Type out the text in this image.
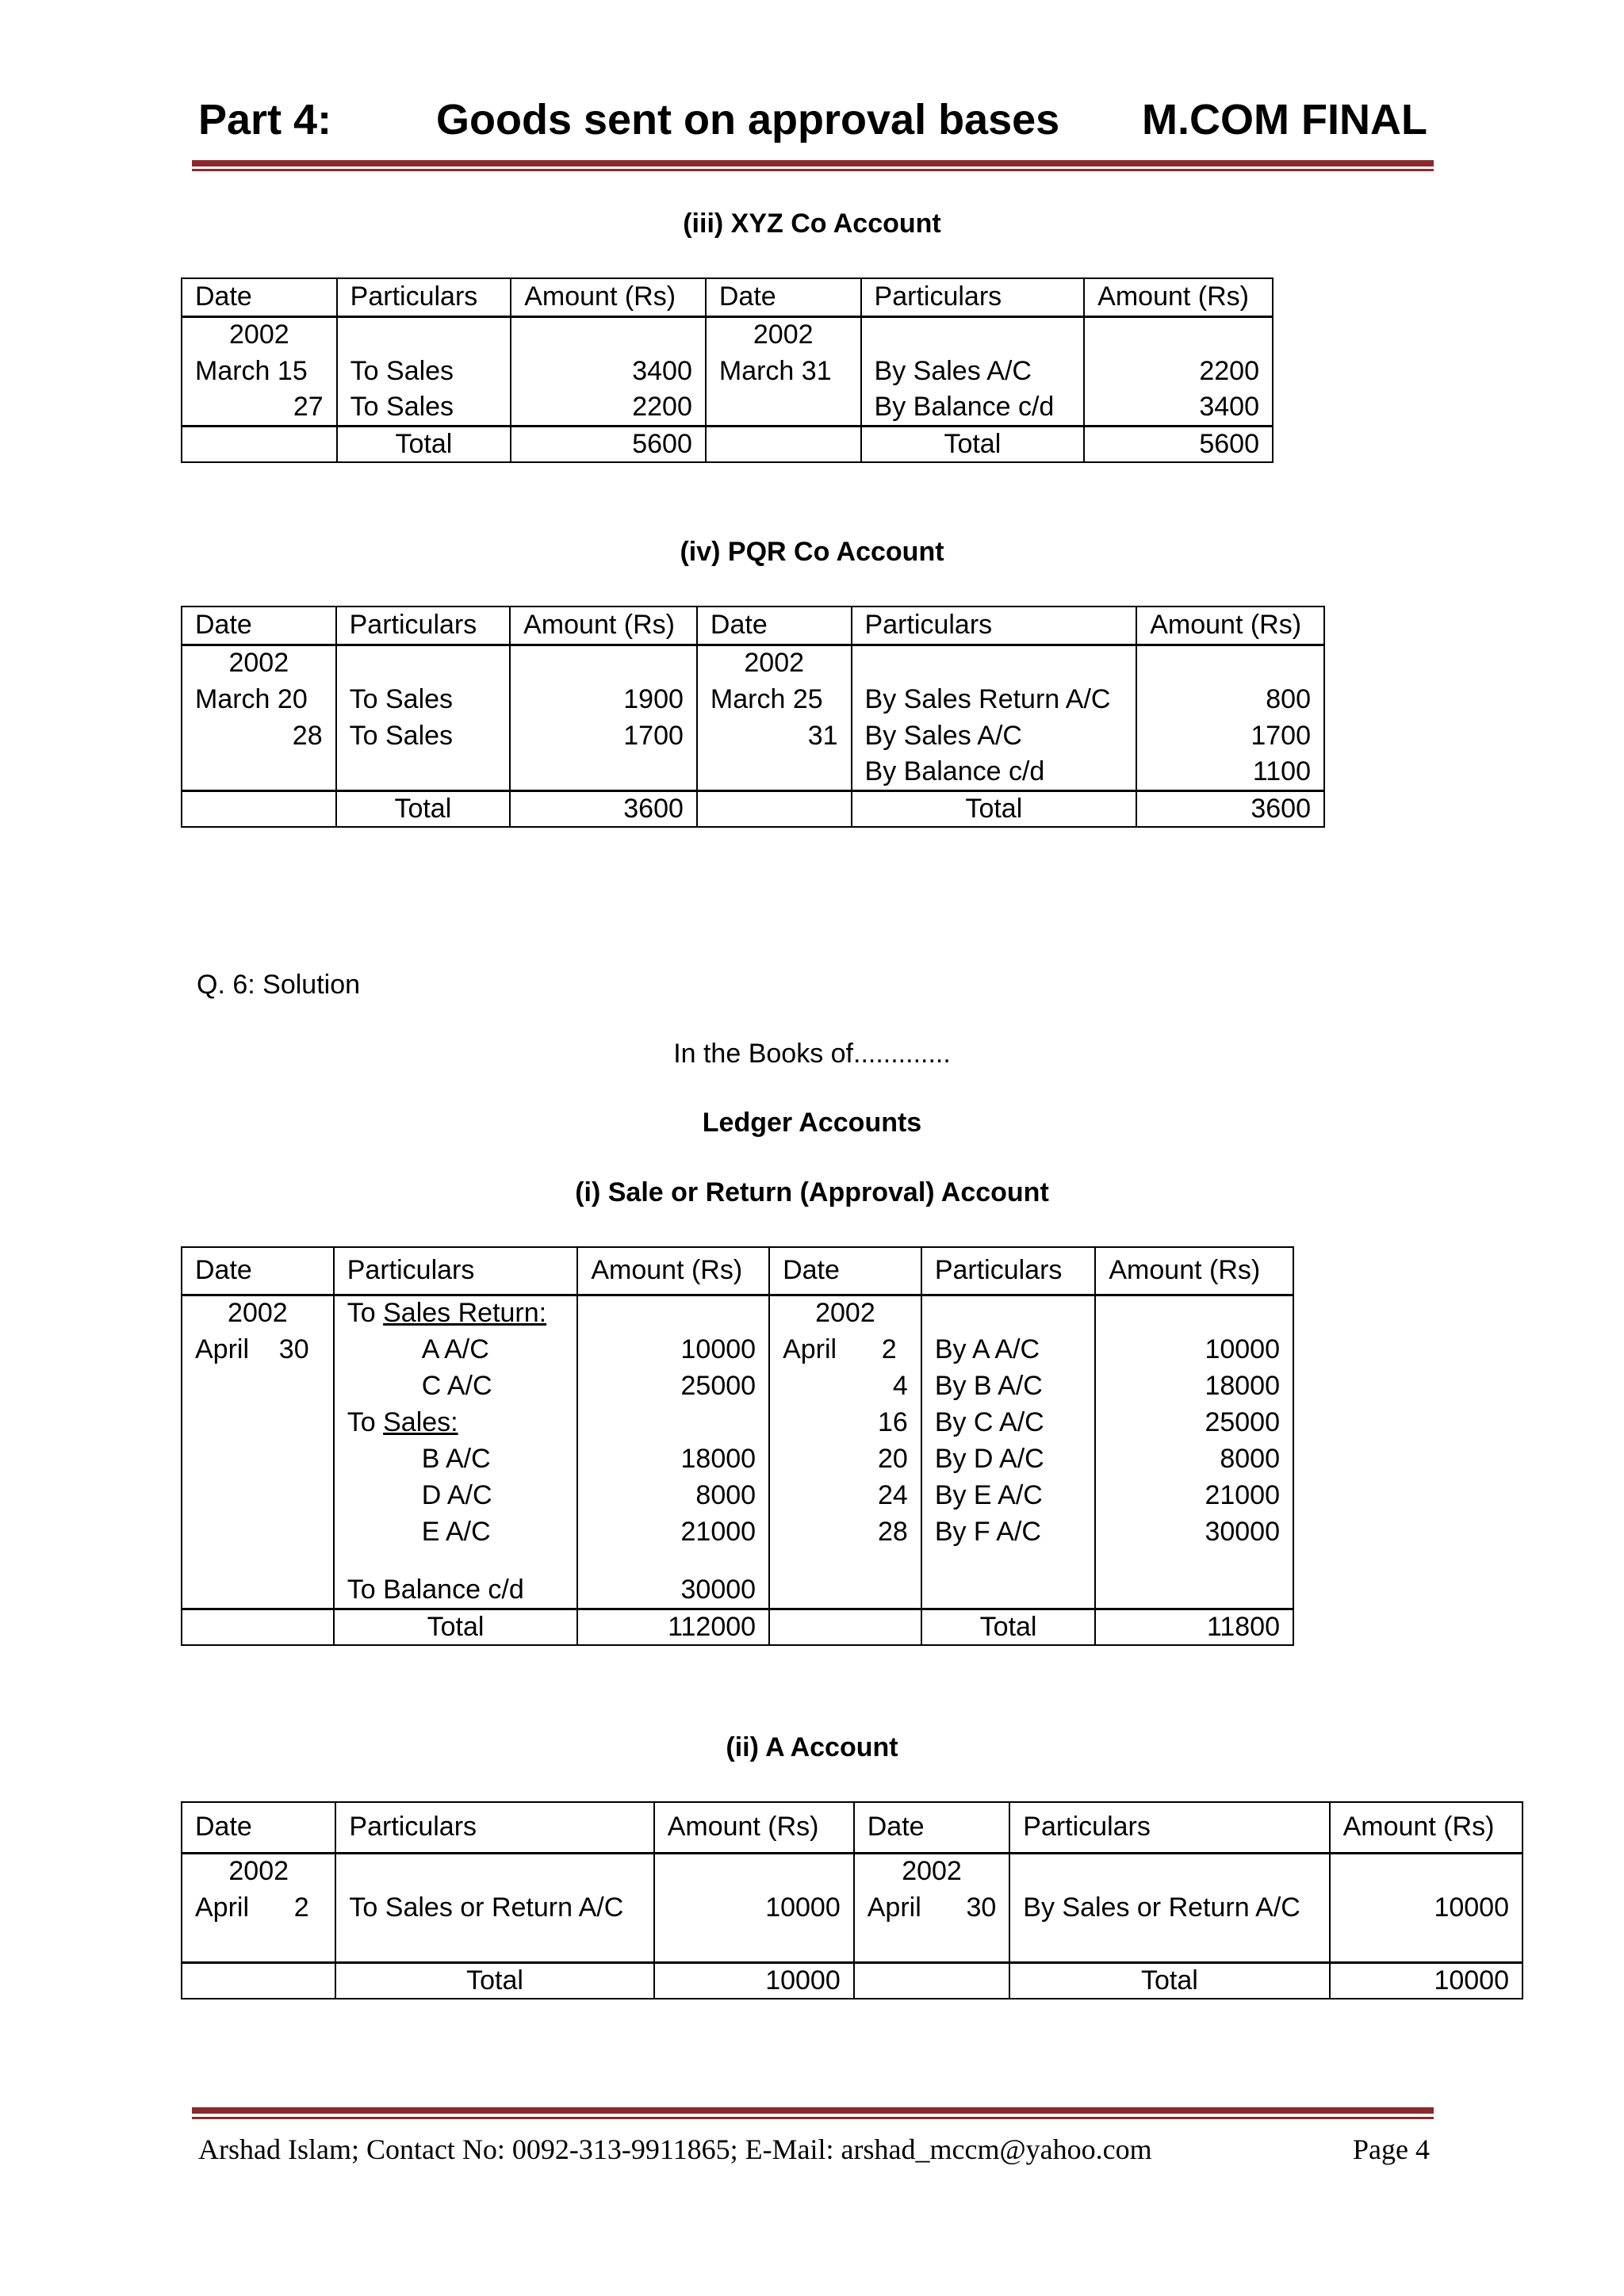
Part 4: Goods sent on approval bases M.COM FINAL
(iii) XYZ Co Account
Date	Particulars	Amount (Rs)	Date	Particulars	Amount (Rs)
2002			2002		
March 15	To Sales	3400	March 31	By Sales A/C	2200
27	To Sales	2200		By Balance c/d	3400
	Total	5600		Total	5600
(iv) PQR Co Account
Date	Particulars	Amount (Rs)	Date	Particulars	Amount (Rs)
2002			2002		
March 20	To Sales	1900	March 25	By Sales Return A/C	800
28	To Sales	1700	31	By Sales A/C	1700
				By Balance c/d	1100
	Total	3600		Total	3600
Q. 6: Solution
In the Books of.............
Ledger Accounts
(i) Sale or Return (Approval) Account
Date	Particulars	Amount (Rs)	Date	Particulars	Amount (Rs)
2002	To Sales Return:		2002		
April    30	A A/C	10000	April      2	By A A/C	10000
	C A/C	25000	4	By B A/C	18000
	To Sales:		16	By C A/C	25000
	B A/C	18000	20	By D A/C	8000
	D A/C	8000	24	By E A/C	21000
	E A/C	21000	28	By F A/C	30000

	To Balance c/d	30000			
	Total	112000		Total	11800
(ii) A Account
Date	Particulars	Amount (Rs)	Date	Particulars	Amount (Rs)
2002			2002		
April      2	To Sales or Return A/C	10000	April      30	By Sales or Return A/C	10000

	Total	10000		Total	10000
Arshad Islam; Contact No: 0092-313-9911865; E-Mail: arshad_mccm@yahoo.com	Page 4
